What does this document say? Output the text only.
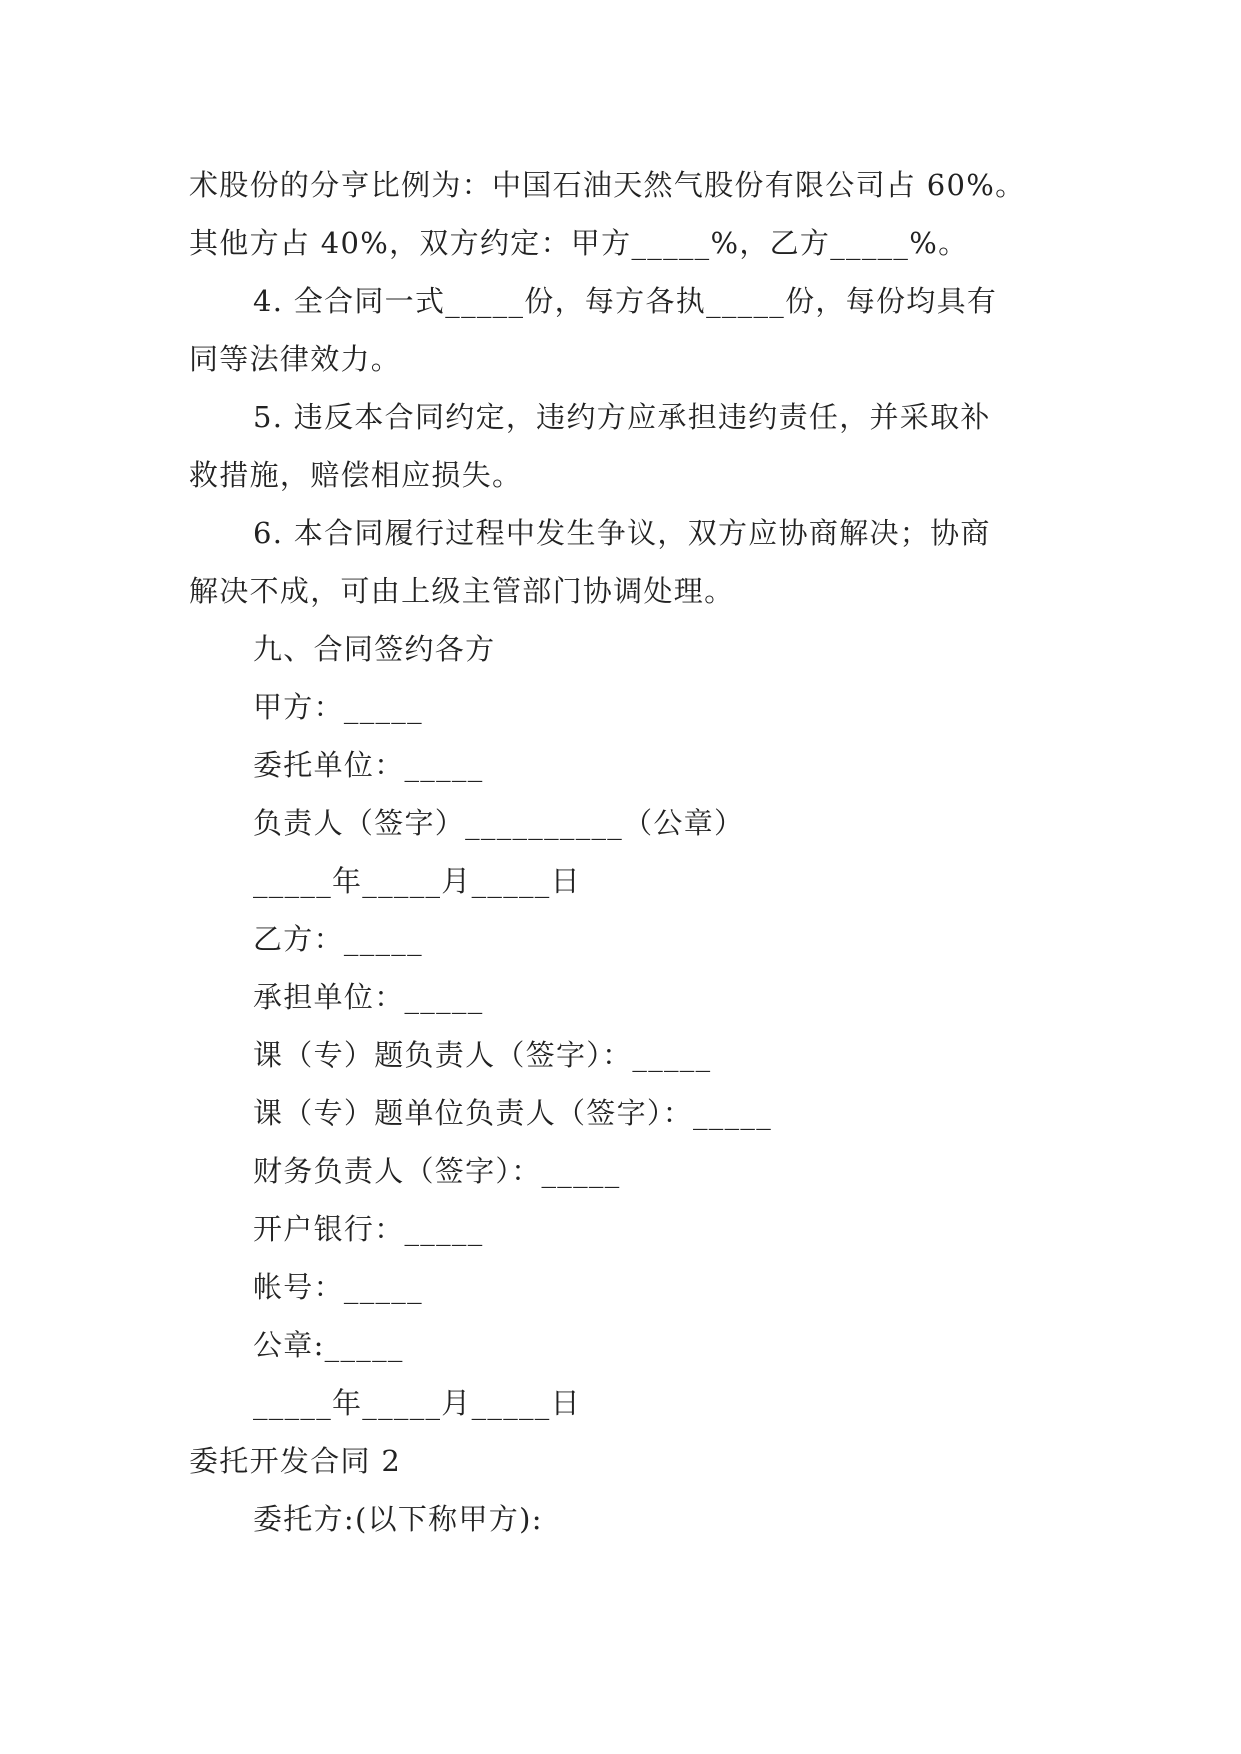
术股份的分亨比例为：中国石油天然气股份有限公司占 60%。
其他方占 40%，双方约定：甲方_____%，乙方_____%。
4. 全合同一式_____份，每方各执_____份，每份均具有
同等法律效力。
5. 违反本合同约定，违约方应承担违约责任，并采取补
救措施，赔偿相应损失。
6. 本合同履行过程中发生争议，双方应协商解决；协商
解决不成，可由上级主管部门协调处理。
九、合同签约各方
甲方：_____
委托单位：_____
负责人（签字）__________（公章）
_____年_____月_____日
乙方：_____
承担单位：_____
课（专）题负责人（签字）：_____
课（专）题单位负责人（签字）：_____
财务负责人（签字）：_____
开户银行：_____
帐号：_____
公章:_____
_____年_____月_____日
委托开发合同 2
委托方:(以下称甲方):
